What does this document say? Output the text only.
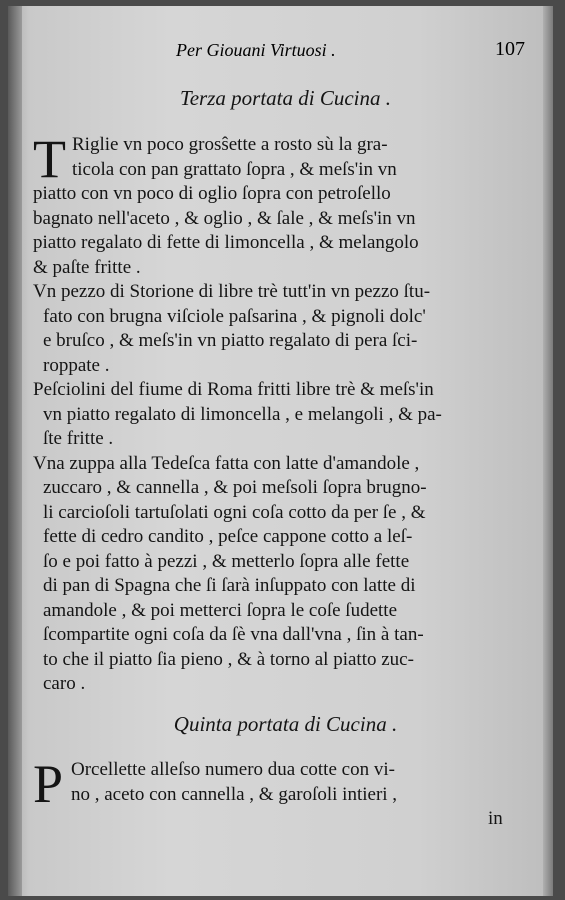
Per Giouani Virtuosi .	107
Terza portata di Cucina .
T Riglie vn poco grosŝette a rosto sù la gra-
ticola con pan grattato ſopra , & meſs'in vn
piatto con vn poco di oglio ſopra con petroſello
bagnato nell'aceto , & oglio , & ſale , & meſs'in vn
piatto regalato di fette di limoncella , & melangolo
& paſte fritte .
Vn pezzo di Storione di libre trè tutt'in vn pezzo ſtu-
fato con brugna viſciole paſsarina , & pignoli dolc'
e bruſco , & meſs'in vn piatto regalato di pera ſci-
roppate .
Peſciolini del fiume di Roma fritti libre trè & meſs'in
vn piatto regalato di limoncella , e melangoli , & pa-
ſte fritte .
Vna zuppa alla Tedeſca fatta con latte d'amandole ,
zuccaro , & cannella , & poi meſsoli ſopra brugno-
li carcioſoli tartuſolati ogni coſa cotto da per ſe , &
fette di cedro candito , peſce cappone cotto a leſ-
ſo e poi fatto à pezzi , & metterlo ſopra alle fette
di pan di Spagna che ſi ſarà inſuppato con latte di
amandole , & poi metterci ſopra le coſe ſudette
ſcompartite ogni coſa da ſè vna dall'vna , ſin à tan-
to che il piatto ſia pieno , & à torno al piatto zuc-
caro .
Quinta portata di Cucina .
P Orcellette alleſso numero dua cotte con vi-
no , aceto con cannella , & garoſoli intieri ,
in
